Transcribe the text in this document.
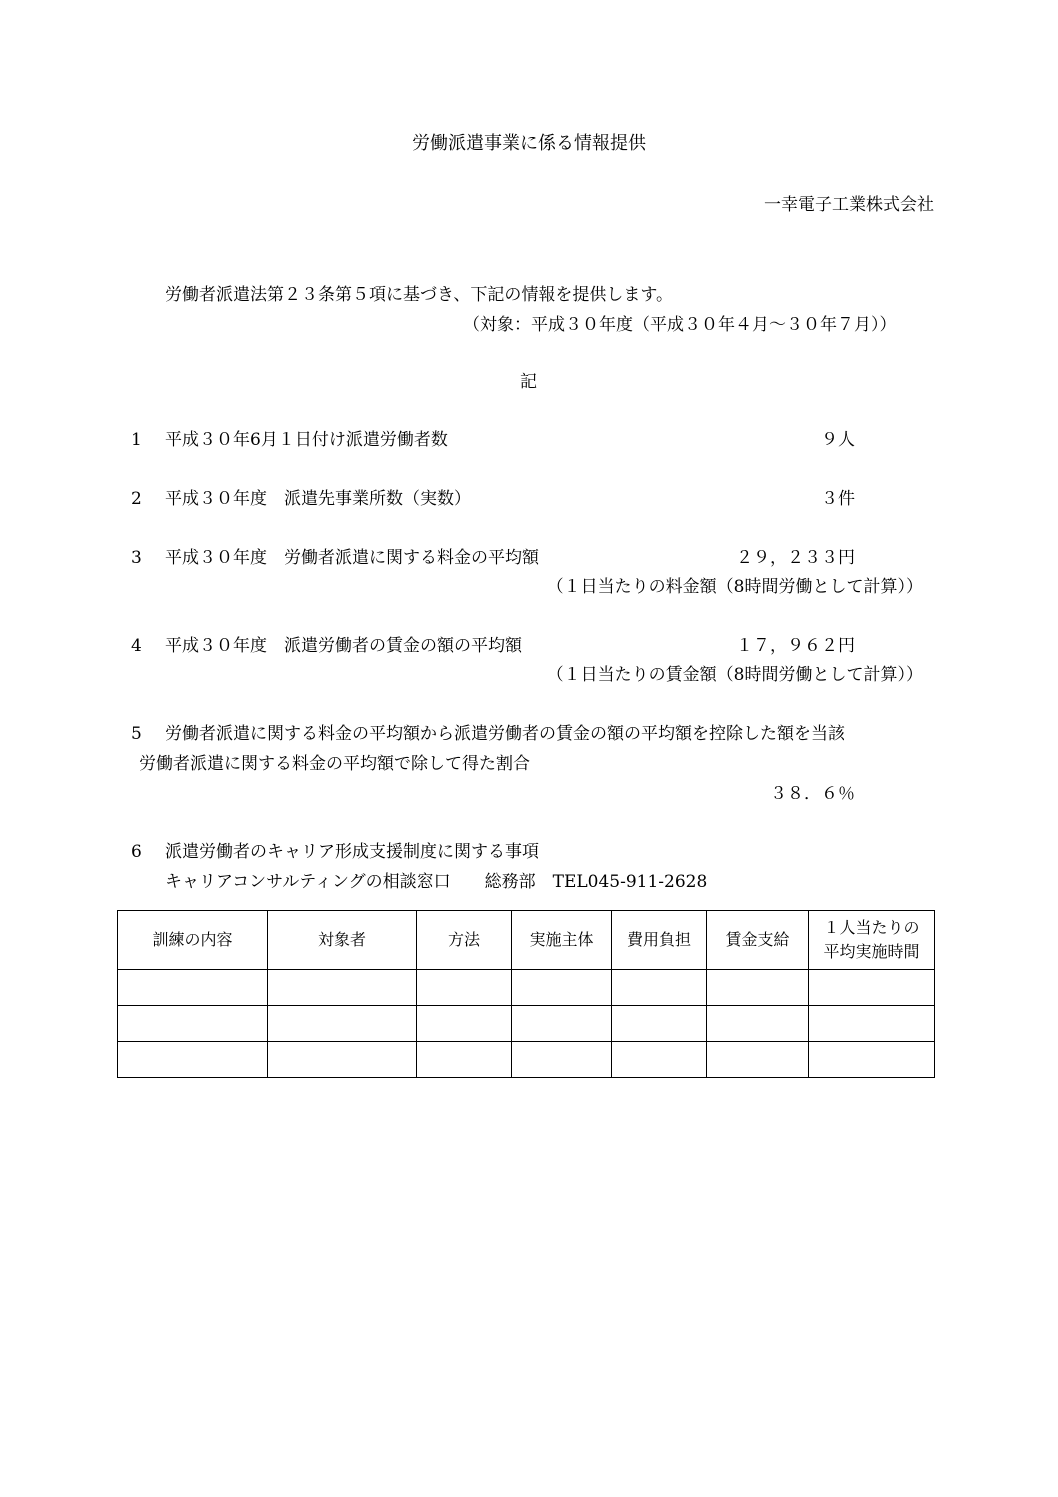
労働派遣事業に係る情報提供
一幸電子工業株式会社
労働者派遣法第２３条第５項に基づき、下記の情報を提供します。
（対象：平成３０年度（平成３０年４月～３０年７月））
記
1 平成３０年6月１日付け派遣労働者数	９人
2 平成３０年度　派遣先事業所数（実数）	３件
3 平成３０年度　労働者派遣に関する料金の平均額	２９，２３３円
（１日当たりの料金額（8時間労働として計算））
4 平成３０年度　派遣労働者の賃金の額の平均額	１７，９６２円
（１日当たりの賃金額（8時間労働として計算））
5 労働者派遣に関する料金の平均額から派遣労働者の賃金の額の平均額を控除した額を当該
労働者派遣に関する料金の平均額で除して得た割合
３８．６％
6 派遣労働者のキャリア形成支援制度に関する事項
キャリアコンサルティングの相談窓口　　総務部　TEL045-911-2628
訓練の内容	対象者	方法	実施主体	費用負担	賃金支給	１人当たりの
平均実施時間
